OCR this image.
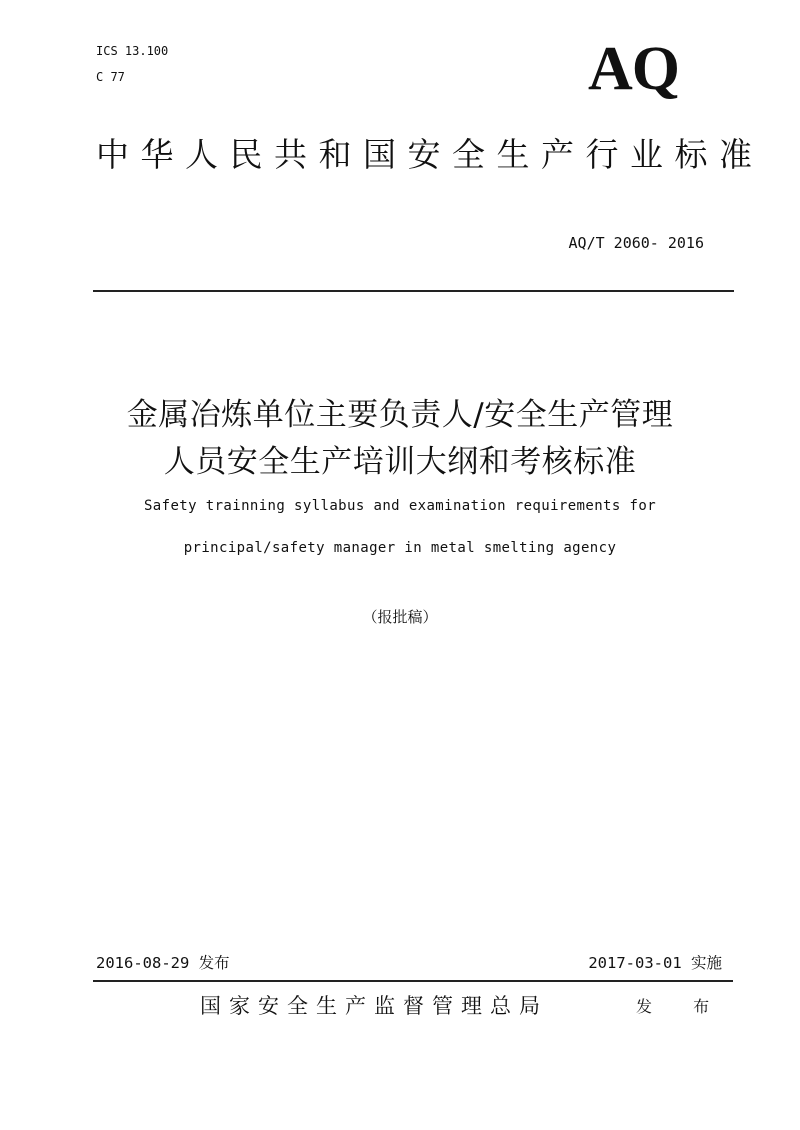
ICS 13.100
C 77	AQ
中华人民共和国安全生产行业标准
AQ/T 2060- 2016
金属冶炼单位主要负责人/安全生产管理
人员安全生产培训大纲和考核标准
Safety trainning syllabus and examination requirements for
principal/safety manager in metal smelting agency
（报批稿）
2016-08-29 发布	2017-03-01 实施
国家安全生产监督管理总局	发 布
